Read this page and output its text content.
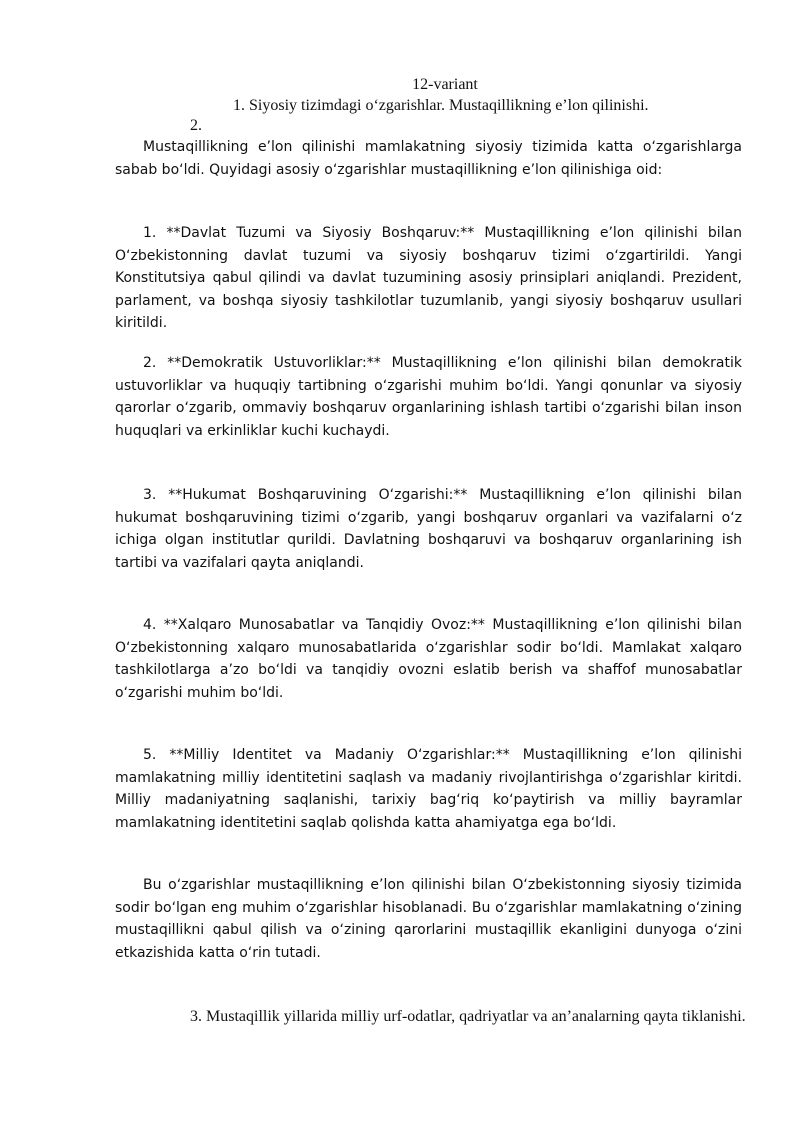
12-variant
1. Siyosiy tizimdagi o‘zgarishlar. Mustaqillikning e’lon qilinishi.
2.

Mustaqillikning e’lon qilinishi mamlakatning siyosiy tizimida katta o‘zgarishlarga sabab bo‘ldi. Quyidagi asosiy o‘zgarishlar mustaqillikning e’lon qilinishiga oid:

1. **Davlat Tuzumi va Siyosiy Boshqaruv:** Mustaqillikning e’lon qilinishi bilan O‘zbekistonning davlat tuzumi va siyosiy boshqaruv tizimi o‘zgartirildi. Yangi Konstitutsiya qabul qilindi va davlat tuzumining asosiy prinsiplari aniqlandi. Prezident, parlament, va boshqa siyosiy tashkilotlar tuzumlanib, yangi siyosiy boshqaruv usullari kiritildi.

2. **Demokratik Ustuvorliklar:** Mustaqillikning e’lon qilinishi bilan demokratik ustuvorliklar va huquqiy tartibning o‘zgarishi muhim bo‘ldi. Yangi qonunlar va siyosiy qarorlar o‘zgarib, ommaviy boshqaruv organlarining ishlash tartibi o‘zgarishi bilan inson huquqlari va erkinliklar kuchi kuchaydi.

3. **Hukumat Boshqaruvining O‘zgarishi:** Mustaqillikning e’lon qilinishi bilan hukumat boshqaruvining tizimi o‘zgarib, yangi boshqaruv organlari va vazifalarni o‘z ichiga olgan institutlar qurildi. Davlatning boshqaruvi va boshqaruv organlarining ish tartibi va vazifalari qayta aniqlandi.

4. **Xalqaro Munosabatlar va Tanqidiy Ovoz:** Mustaqillikning e’lon qilinishi bilan O‘zbekistonning xalqaro munosabatlarida o‘zgarishlar sodir bo‘ldi. Mamlakat xalqaro tashkilotlarga a’zo bo‘ldi va tanqidiy ovozni eslatib berish va shaffof munosabatlar o‘zgarishi muhim bo‘ldi.

5. **Milliy Identitet va Madaniy O‘zgarishlar:** Mustaqillikning e’lon qilinishi mamlakatning milliy identitetini saqlash va madaniy rivojlantirishga o‘zgarishlar kiritdi. Milliy madaniyatning saqlanishi, tarixiy bag‘riq ko‘paytirish va milliy bayramlar mamlakatning identitetini saqlab qolishda katta ahamiyatga ega bo‘ldi.

Bu o‘zgarishlar mustaqillikning e’lon qilinishi bilan O‘zbekistonning siyosiy tizimida sodir bo‘lgan eng muhim o‘zgarishlar hisoblanadi. Bu o‘zgarishlar mamlakatning o‘zining mustaqillikni qabul qilish va o‘zining qarorlarini mustaqillik ekanligini dunyoga o‘zini etkazishida katta o‘rin tutadi.

3. Mustaqillik yillarida milliy urf-odatlar, qadriyatlar va an’analarning qayta tiklanishi.
